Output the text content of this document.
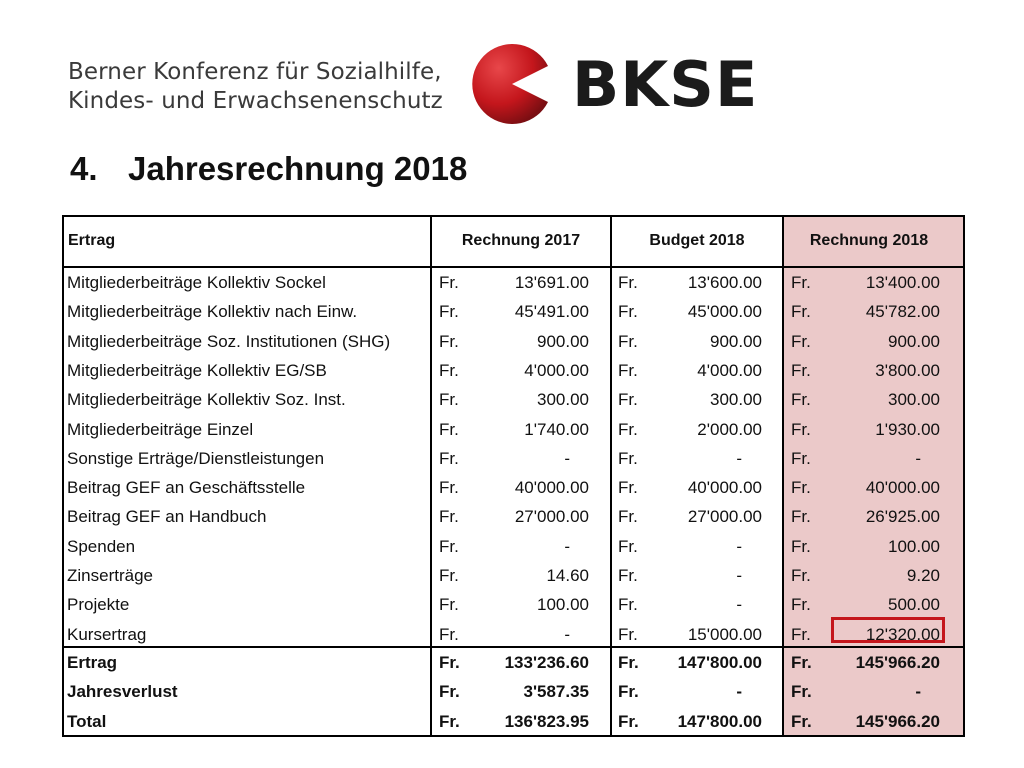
Berner Konferenz für Sozialhilfe,
Kindes- und Erwachsenenschutz BKSE
4. Jahresrechnung 2018
Ertrag	Rechnung 2017	Budget 2018	Rechnung 2018
Mitgliederbeiträge Kollektiv Sockel	Fr.	13'691.00 Fr.	13'600.00 Fr.	13'400.00
Mitgliederbeiträge Kollektiv nach Einw.	Fr.	45'491.00 Fr.	45'000.00 Fr.	45'782.00
Mitgliederbeiträge Soz. Institutionen (SHG)	Fr.	900.00 Fr.	900.00 Fr.	900.00
Mitgliederbeiträge Kollektiv EG/SB	Fr.	4'000.00 Fr.	4'000.00 Fr.	3'800.00
Mitgliederbeiträge Kollektiv Soz. Inst.	Fr.	300.00 Fr.	300.00 Fr.	300.00
Mitgliederbeiträge Einzel	Fr.	1'740.00 Fr.	2'000.00 Fr.	1'930.00
Sonstige Erträge/Dienstleistungen	Fr.	-	Fr.	-	Fr.	-
Beitrag GEF an Geschäftsstelle	Fr.	40'000.00 Fr.	40'000.00 Fr.	40'000.00
Beitrag GEF an Handbuch	Fr.	27'000.00 Fr.	27'000.00 Fr.	26'925.00
Spenden	Fr.	-	Fr.	-	Fr.	100.00
Zinserträge	Fr.	14.60 Fr.	-	Fr.	9.20
Projekte	Fr.	100.00 Fr.	-	Fr.	500.00
Kursertrag	Fr.	-	Fr.	15'000.00 Fr.	12'320.00
Ertrag	Fr.	133'236.60 Fr. 147'800.00 Fr.	145'966.20
Jahresverlust	Fr.	3'587.35 Fr.	-	Fr.	-
Total	Fr.	136'823.95 Fr. 147'800.00 Fr.	145'966.20
